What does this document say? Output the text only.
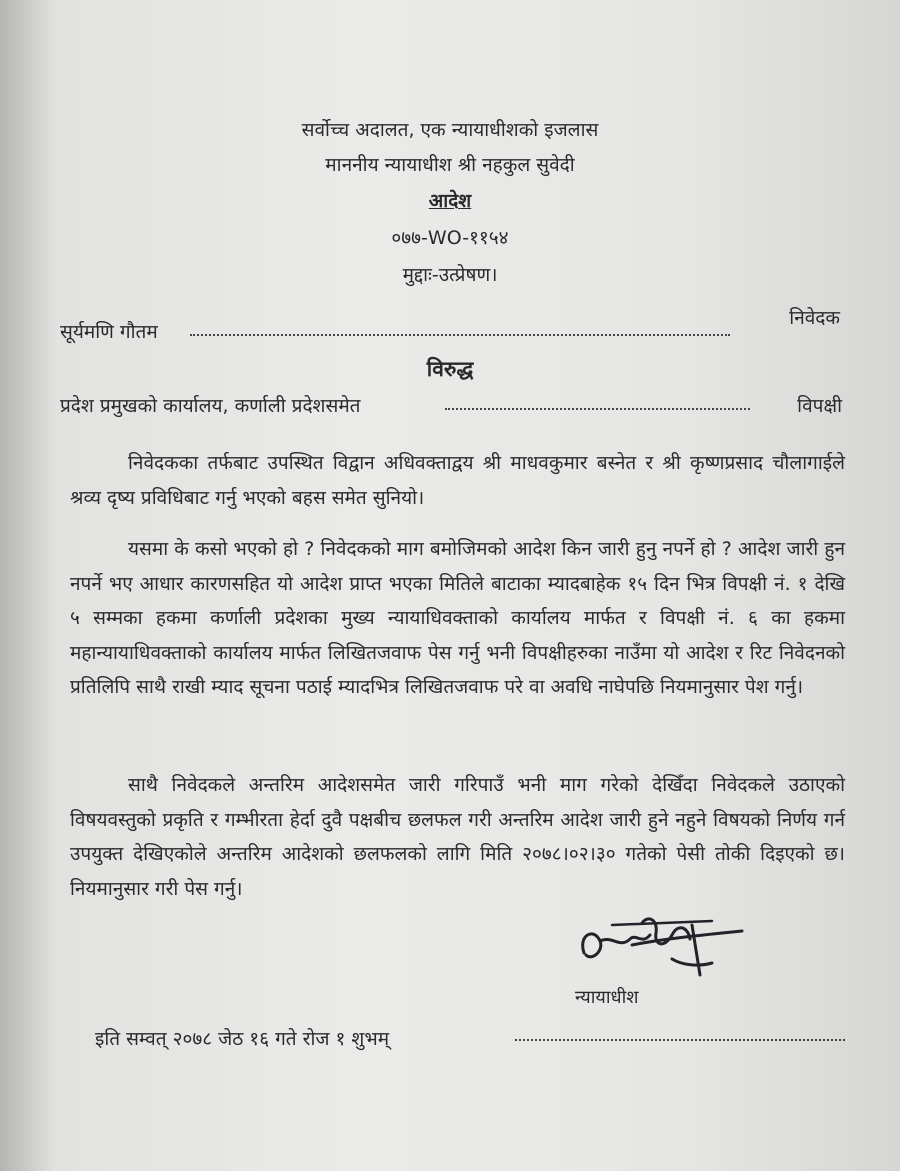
सर्वोच्च अदालत, एक न्यायाधीशको इजलास
माननीय न्यायाधीश श्री नहकुल सुवेदी
आदेश
०७७-WO-११५४
मुद्दाः-उत्प्रेषण।
सूर्यमणि गौतम
निवेदक
विरुद्ध
प्रदेश प्रमुखको कार्यालय, कर्णाली प्रदेशसमेत	विपक्षी
निवेदकका तर्फबाट उपस्थित विद्वान अधिवक्ताद्वय श्री माधवकुमार बस्नेत र श्री कृष्णप्रसाद चौलागाईले श्रव्य दृष्य प्रविधिबाट गर्नु भएको बहस समेत सुनियो।
यसमा के कसो भएको हो ? निवेदकको माग बमोजिमको आदेश किन जारी हुनु नपर्ने हो ? आदेश जारी हुन नपर्ने भए आधार कारणसहित यो आदेश प्राप्त भएका मितिले बाटाका म्यादबाहेक १५ दिन भित्र विपक्षी नं. १ देखि ५ सम्मका हकमा कर्णाली प्रदेशका मुख्य न्यायाधिवक्ताको कार्यालय मार्फत र विपक्षी नं. ६ का हकमा महान्यायाधिवक्ताको कार्यालय मार्फत लिखितजवाफ पेस गर्नु भनी विपक्षीहरुका नाउँमा यो आदेश र रिट निवेदनको प्रतिलिपि साथै राखी म्याद सूचना पठाई म्यादभित्र लिखितजवाफ परे वा अवधि नाघेपछि नियमानुसार पेश गर्नु।
साथै निवेदकले अन्तरिम आदेशसमेत जारी गरिपाउँ भनी माग गरेको देखिँदा निवेदकले उठाएको विषयवस्तुको प्रकृति र गम्भीरता हेर्दा दुवै पक्षबीच छलफल गरी अन्तरिम आदेश जारी हुने नहुने विषयको निर्णय गर्न उपयुक्त देखिएकोले अन्तरिम आदेशको छलफलको लागि मिति २०७८।०२।३० गतेको पेसी तोकी दिइएको छ। नियमानुसार गरी पेस गर्नु।
न्यायाधीश
इति सम्वत् २०७८ जेठ १६ गते रोज १ शुभम्
